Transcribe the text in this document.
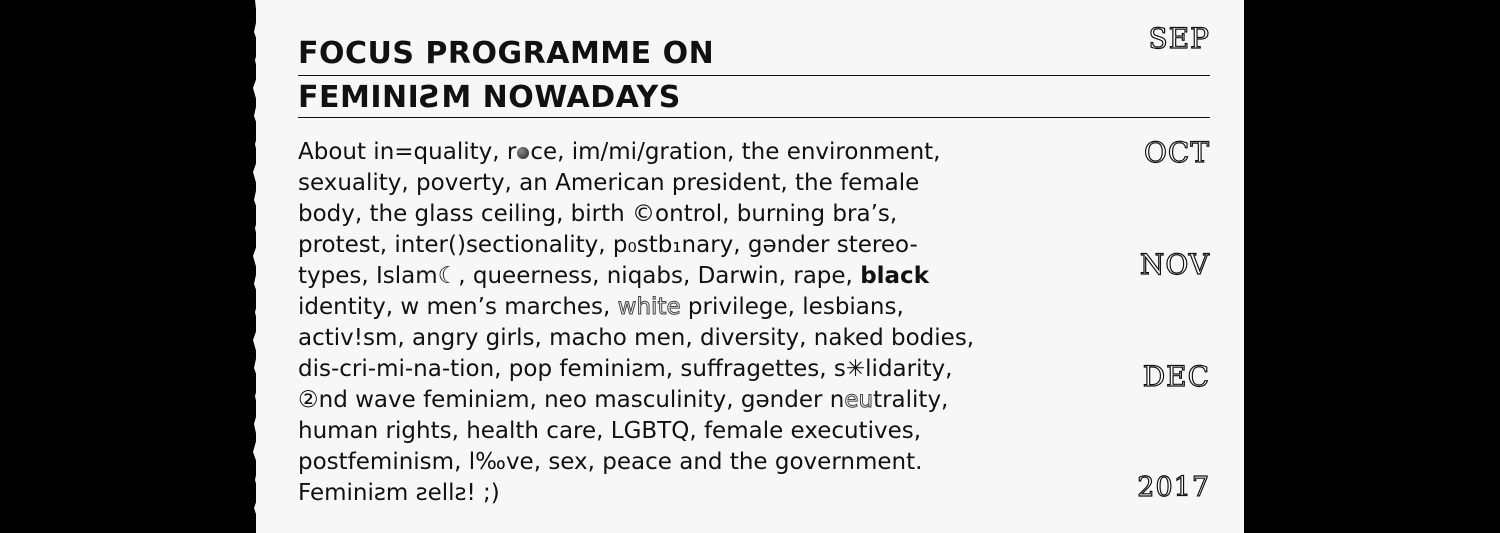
FOCUS PROGRAMME ON
FEMINIƧM NOWADAYS
About in=quality, r ce, im/mi/gration, the environment,
sexuality, poverty, an American president, the female
body, the glass ceiling, birth ©ontrol, burning bra’s,
protest, inter()sectionality, p₀stb₁nary, gənder stereo-
types, Islam☾, queerneѕѕ, niqabs, Darwin, rape, black
identity, w men’s marches, white privilege, lesbians,
activ!sm, angry girls, macho men, diversity, naked bodies,
dis-cri-mi-na-tion, pop feminiƨm, suffragettes, s✳lidarity,
②nd wave feminiƨm, neo masculinity, gənder neutrality,
human rights, health care, LGBTQ, female executives,
postfeminism, l‰ve, sex, peace and the government.
Feminiƨm ƨellƨ! ;)
SEP
OCT
NOV
DEC
2017
